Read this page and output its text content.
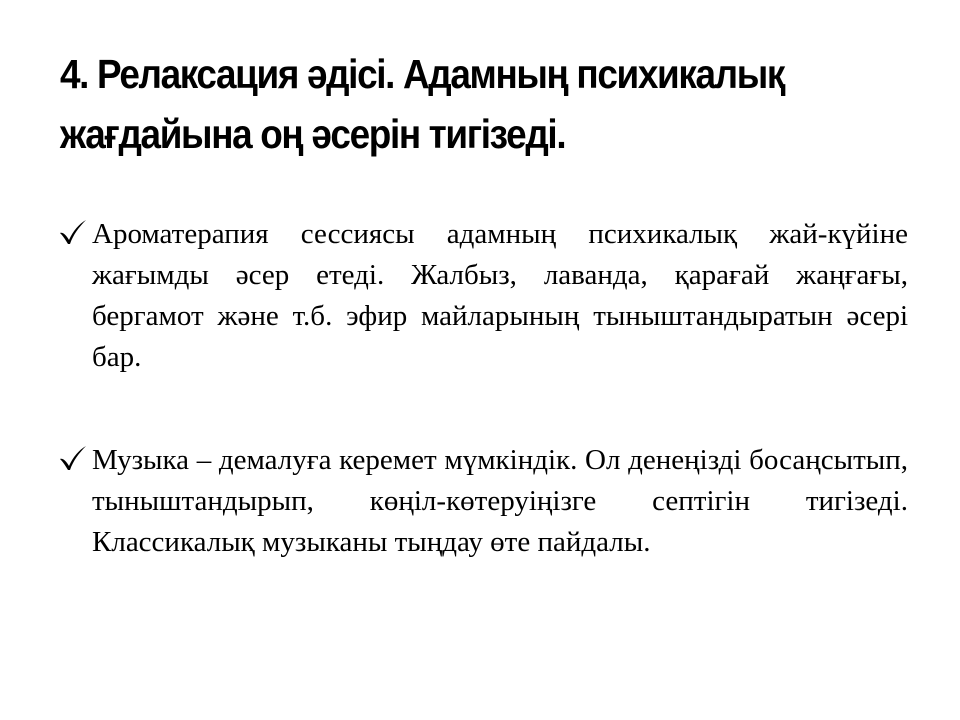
4. Релаксация әдісі. Адамның психикалық
жағдайына оң әсерін тигізеді.

Ароматерапия сессиясы адамның психикалық жай-күйіне жағымды әсер етеді. Жалбыз, лаванда, қарағай жаңғағы, бергамот және т.б. эфир майларының тыныштандыратын әсері бар.

Музыка – демалуға керемет мүмкіндік. Ол денеңізді босаңсытып, тыныштандырып, көңіл-көтеруіңізге септігін тигізеді. Классикалық музыканы тыңдау өте пайдалы.
